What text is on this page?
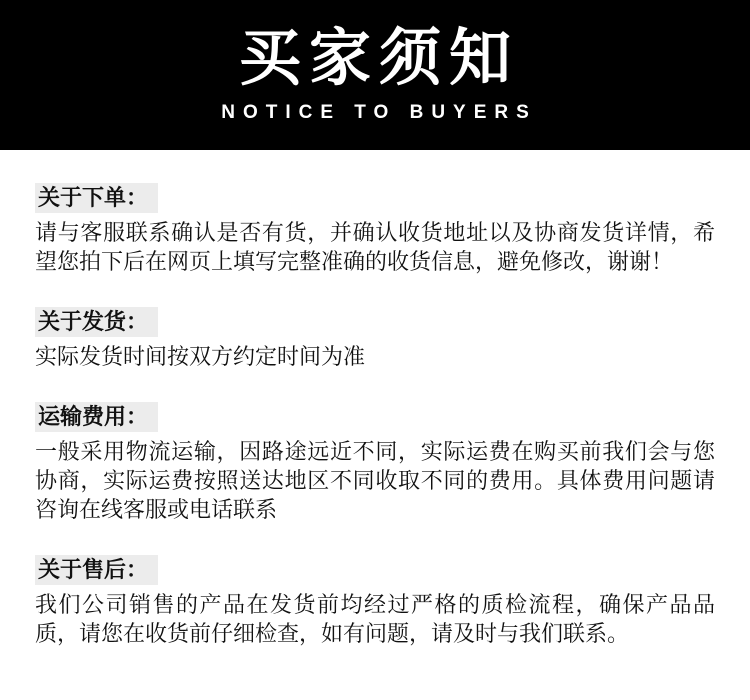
买家须知
NOTICE TO BUYERS
关于下单：

请与客服联系确认是否有货，并确认收货地址以及协商发货详情，希望您拍下后在网页上填写完整准确的收货信息，避免修改，谢谢！

关于发货：

实际发货时间按双方约定时间为准

运输费用：

一般采用物流运输，因路途远近不同，实际运费在购买前我们会与您协商，实际运费按照送达地区不同收取不同的费用。具体费用问题请咨询在线客服或电话联系

关于售后：

我们公司销售的产品在发货前均经过严格的质检流程，确保产品品质，请您在收货前仔细检查，如有问题，请及时与我们联系。
